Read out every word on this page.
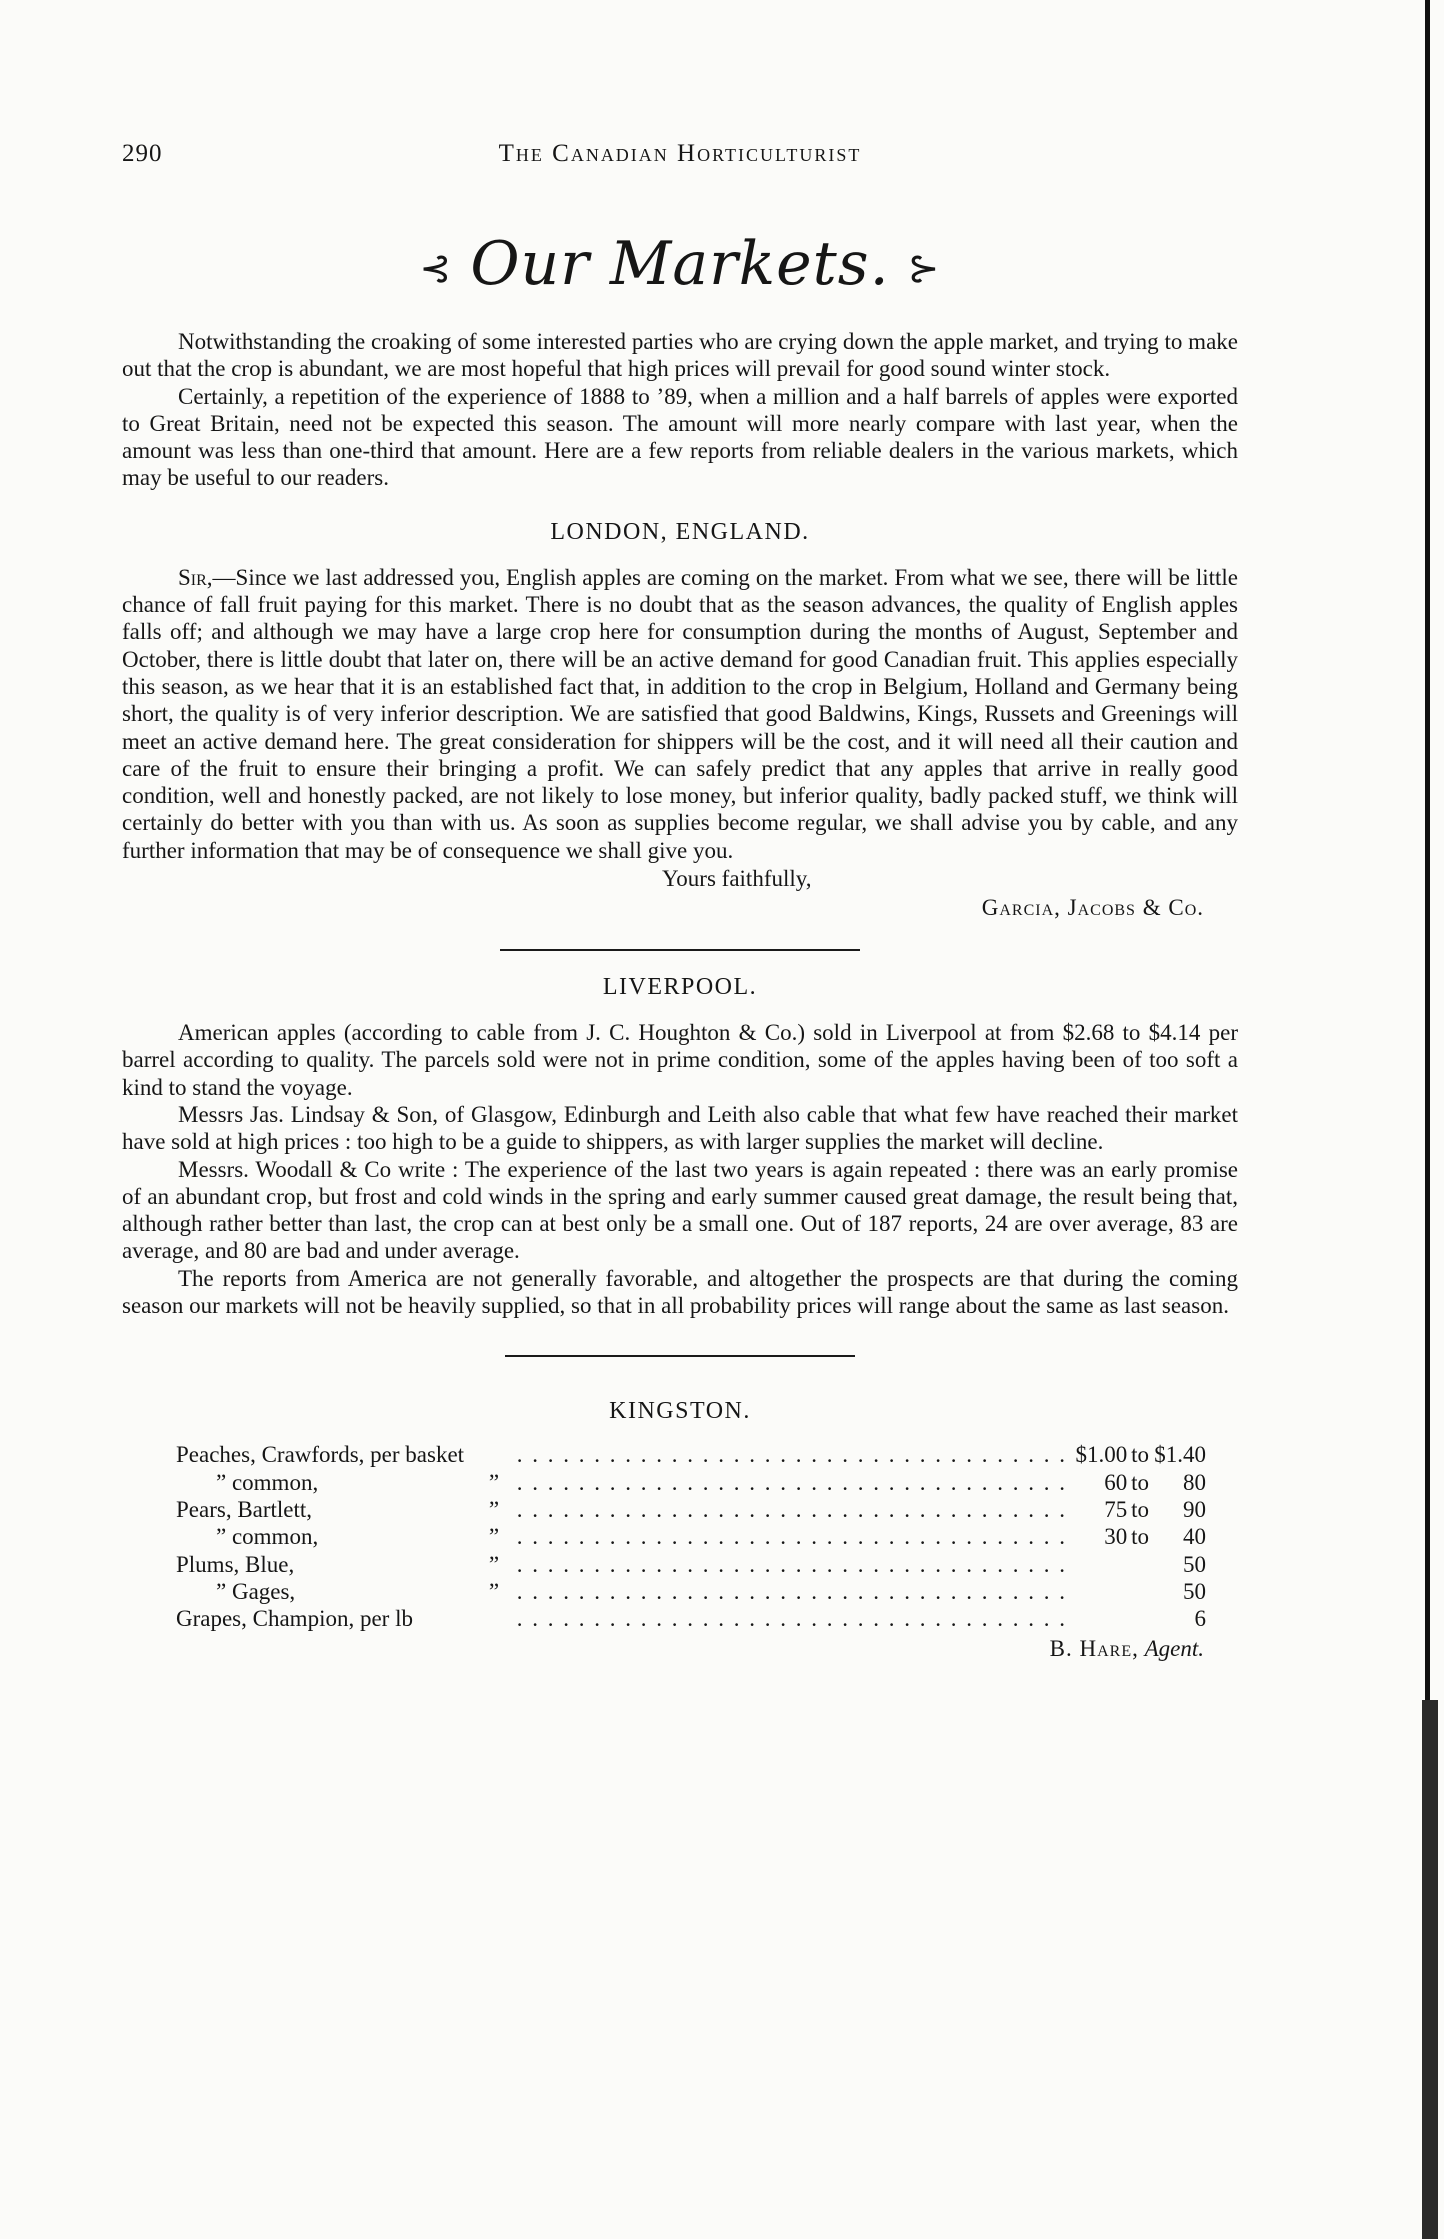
290	The Canadian Horticulturist
⊰ Our Markets. ⊱

Notwithstanding the croaking of some interested parties who are crying down the apple market, and trying to make out that the crop is abundant, we are most hopeful that high prices will prevail for good sound winter stock.

Certainly, a repetition of the experience of 1888 to ’89, when a million and a half barrels of apples were exported to Great Britain, need not be expected this season. The amount will more nearly compare with last year, when the amount was less than one-third that amount. Here are a few reports from reliable dealers in the various markets, which may be useful to our readers.

LONDON, ENGLAND.

Sir,—Since we last addressed you, English apples are coming on the market. From what we see, there will be little chance of fall fruit paying for this market. There is no doubt that as the season advances, the quality of English apples falls off; and although we may have a large crop here for consumption during the months of August, September and October, there is little doubt that later on, there will be an active demand for good Canadian fruit. This applies especially this season, as we hear that it is an established fact that, in addition to the crop in Belgium, Holland and Germany being short, the quality is of very inferior description. We are satisfied that good Baldwins, Kings, Russets and Greenings will meet an active demand here. The great consideration for shippers will be the cost, and it will need all their caution and care of the fruit to ensure their bringing a profit. We can safely predict that any apples that arrive in really good condition, well and honestly packed, are not likely to lose money, but inferior quality, badly packed stuff, we think will certainly do better with you than with us. As soon as supplies become regular, we shall advise you by cable, and any further information that may be of consequence we shall give you.

Yours faithfully,
Garcia, Jacobs & Co.
LIVERPOOL.

American apples (according to cable from J. C. Houghton & Co.) sold in Liverpool at from $2.68 to $4.14 per barrel according to quality. The parcels sold were not in prime condition, some of the apples having been of too soft a kind to stand the voyage.

Messrs Jas. Lindsay & Son, of Glasgow, Edinburgh and Leith also cable that what few have reached their market have sold at high prices : too high to be a guide to shippers, as with larger supplies the market will decline.

Messrs. Woodall & Co write : The experience of the last two years is again repeated : there was an early promise of an abundant crop, but frost and cold winds in the spring and early summer caused great damage, the result being that, although rather better than last, the crop can at best only be a small one. Out of 187 reports, 24 are over average, 83 are average, and 80 are bad and under average.

The reports from America are not generally favorable, and altogether the prospects are that during the coming season our markets will not be heavily supplied, so that in all probability prices will range about the same as last season.

KINGSTON.
Peaches, Crawfords, per basket		. . . . . . . . . . . . . . . . . . . . . . . . . . . . . . . . . . . .	$1.00	to	$1.40
” common,	”	. . . . . . . . . . . . . . . . . . . . . . . . . . . . . . . . . . . .	60	to	80
Pears, Bartlett,	”	. . . . . . . . . . . . . . . . . . . . . . . . . . . . . . . . . . . .	75	to	90
” common,	”	. . . . . . . . . . . . . . . . . . . . . . . . . . . . . . . . . . . .	30	to	40
Plums, Blue,	”	. . . . . . . . . . . . . . . . . . . . . . . . . . . . . . . . . . . .			50
” Gages,	”	. . . . . . . . . . . . . . . . . . . . . . . . . . . . . . . . . . . .			50
Grapes, Champion, per lb		. . . . . . . . . . . . . . . . . . . . . . . . . . . . . . . . . . . .			6
B. Hare, Agent.
